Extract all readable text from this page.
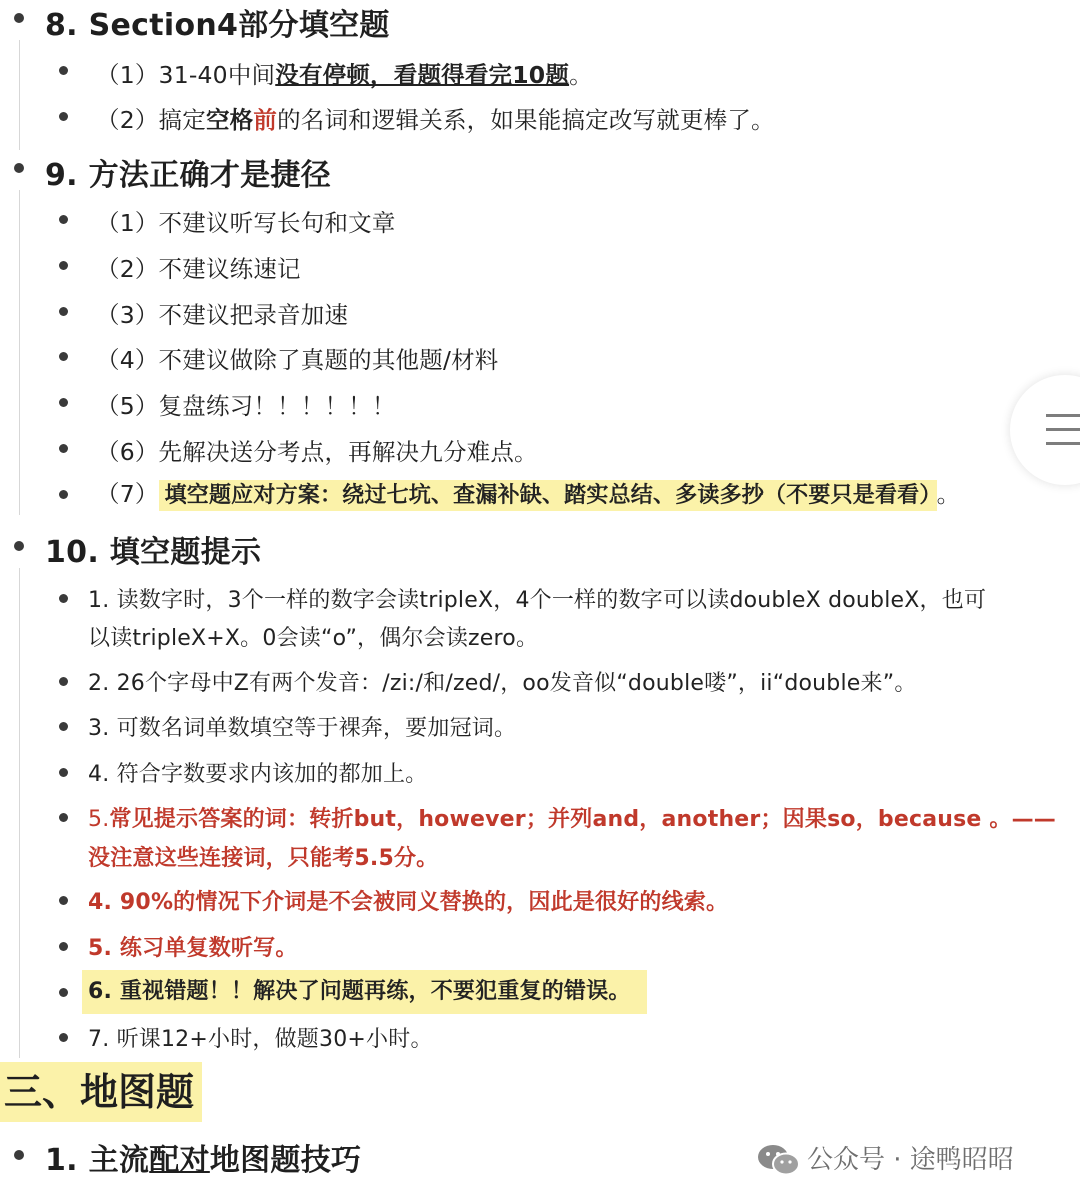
8. Section4部分填空题
（1）31-40中间没有停顿，看题得看完10题。
（2）搞定空格前的名词和逻辑关系，如果能搞定改写就更棒了。
9. 方法正确才是捷径
（1）不建议听写长句和文章
（2）不建议练速记
（3）不建议把录音加速
（4）不建议做除了真题的其他题/材料
（5）复盘练习！！！！！！
（6）先解决送分考点，再解决九分难点。
（7） 填空题应对方案：绕过七坑、查漏补缺、踏实总结、多读多抄（不要只是看看） 。
10. 填空题提示
1. 读数字时，3个一样的数字会读tripleX，4个一样的数字可以读doubleX doubleX，也可
以读tripleX+X。0会读“o”，偶尔会读zero。
2. 26个字母中Z有两个发音：/zi:/和/zed/，oo发音似“double喽”，ii“double来”。
3. 可数名词单数填空等于裸奔，要加冠词。
4. 符合字数要求内该加的都加上。
5.常见提示答案的词：转折but，however；并列and，another；因果so，because 。——
没注意这些连接词，只能考5.5分。
4. 90%的情况下介词是不会被同义替换的，因此是很好的线索。
5. 练习单复数听写。
6. 重视错题！！解决了问题再练，不要犯重复的错误。
7. 听课12+小时，做题30+小时。
三、地图题
1. 主流配对地图题技巧	公众号 · 途鸭昭昭
